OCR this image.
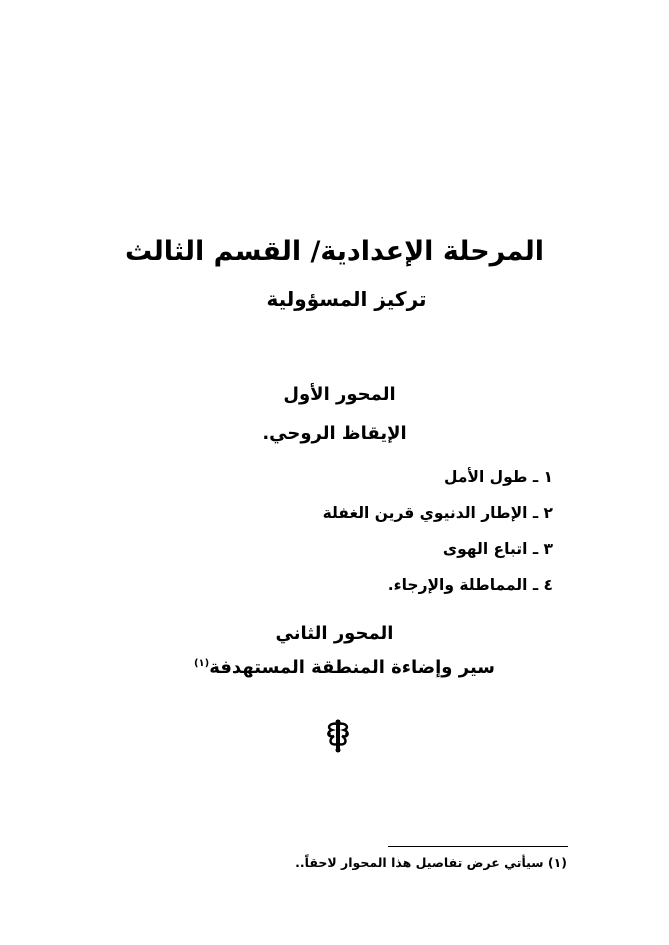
المرحلة الإعدادية/ القسم الثالث
تركيز المسؤولية
المحور الأول
الإيقاظ الروحي.
١ ـ طول الأمل
٢ ـ الإطار الدنيوي قرين الغفلة
٣ ـ اتباع الهوى
٤ ـ المماطلة والإرجاء.
المحور الثاني
سير وإضاءة المنطقة المستهدفة$^{(١)}$
(١) سيأتي عرض تفاصيل هذا المحوار لاحقاً..
